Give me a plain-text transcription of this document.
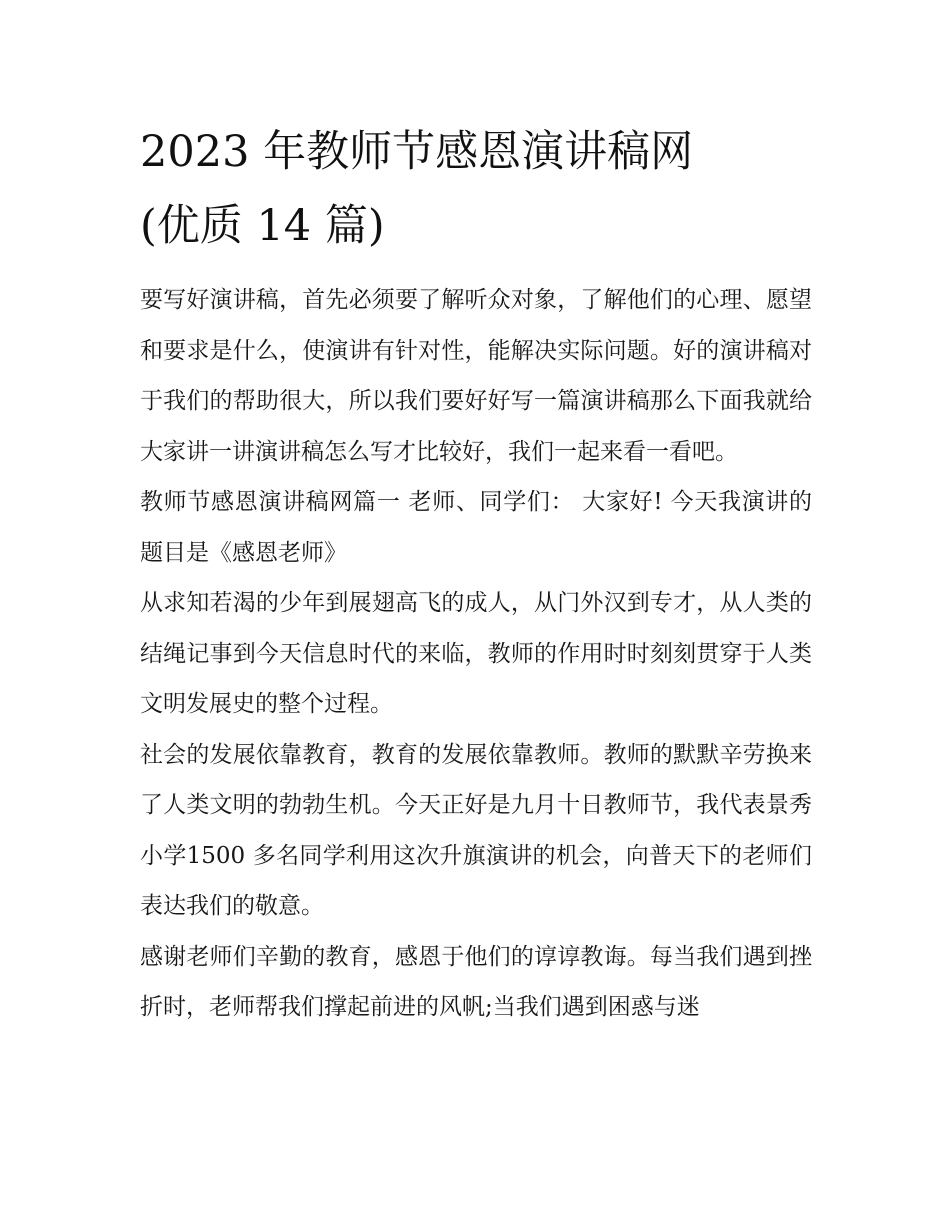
2023 年教师节感恩演讲稿网
(优质 14 篇)

要写好演讲稿，首先必须要了解听众对象，了解他们的心理、愿望和要求是什么，使演讲有针对性，能解决实际问题。好的演讲稿对于我们的帮助很大，所以我们要好好写一篇演讲稿那么下面我就给大家讲一讲演讲稿怎么写才比较好，我们一起来看一看吧。

教师节感恩演讲稿网篇一 老师、同学们： 大家好! 今天我演讲的题目是《感恩老师》

从求知若渴的少年到展翅高飞的成人，从门外汉到专才，从人类的结绳记事到今天信息时代的来临，教师的作用时时刻刻贯穿于人类文明发展史的整个过程。

社会的发展依靠教育，教育的发展依靠教师。教师的默默辛劳换来了人类文明的勃勃生机。今天正好是九月十日教师节，我代表景秀小学1500 多名同学利用这次升旗演讲的机会，向普天下的老师们表达我们的敬意。

感谢老师们辛勤的教育，感恩于他们的谆谆教诲。每当我们遇到挫折时，老师帮我们撑起前进的风帆;当我们遇到困惑与迷
